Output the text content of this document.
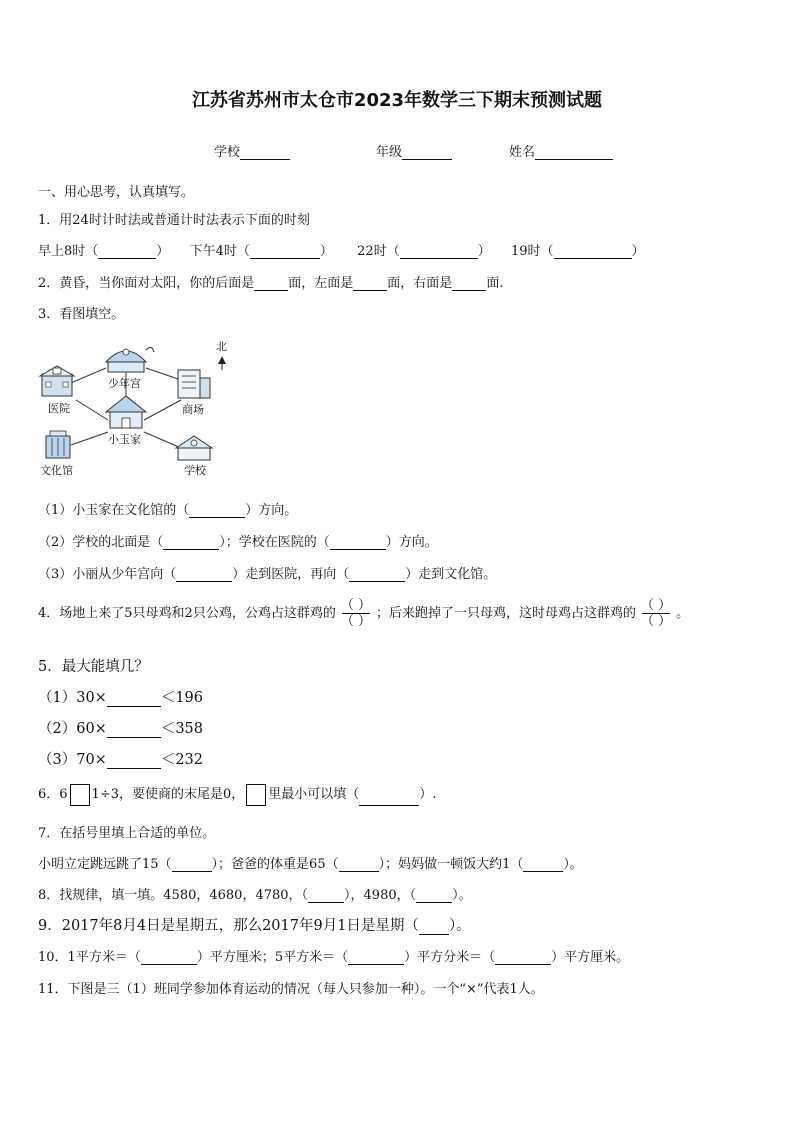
江苏省苏州市太仓市2023年数学三下期末预测试题
学校	年级	姓名
一、用心思考，认真填写。
1．用24时计时法或普通计时法表示下面的时刻
早上8时（	） 下午4时（	） 22时（	） 19时（	）
2．黄昏，当你面对太阳，你的后面是	面，左面是	面，右面是	面.
3．看图填空。
北
医院
少年宫
商场
小玉家
文化馆	学校
（1）小玉家在文化馆的（	）方向。
（2）学校的北面是（	）；学校在医院的（	）方向。
（3）小丽从少年宫向（	）走到医院，再向（	）走到文化馆。
4．场地上来了5只母鸡和2只公鸡，公鸡占这群鸡的 $\frac{( )}{( )}$ ；后来跑掉了一只母鸡，这时母鸡占这群鸡的 $\frac{( )}{( )}$ 。
5．最大能填几？
（1）30×	＜196
（2）60×	＜358
（3）70×	＜232
6．6 1÷3，要使商的末尾是0， 里最小可以填（	）.
7．在括号里填上合适的单位。
小明立定跳远跳了15（	）；爸爸的体重是65（	）；妈妈做一顿饭大约1（	）。
8．找规律，填一填。4580，4680，4780，（	），4980，（	）。
9．2017年8月4日是星期五，那么2017年9月1日是星期（ ）。
10．1平方米＝（	）平方厘米；5平方米＝（	）平方分米＝（	）平方厘米。
11．下图是三（1）班同学参加体育运动的情况（每人只参加一种）。一个“×”代表1人。
